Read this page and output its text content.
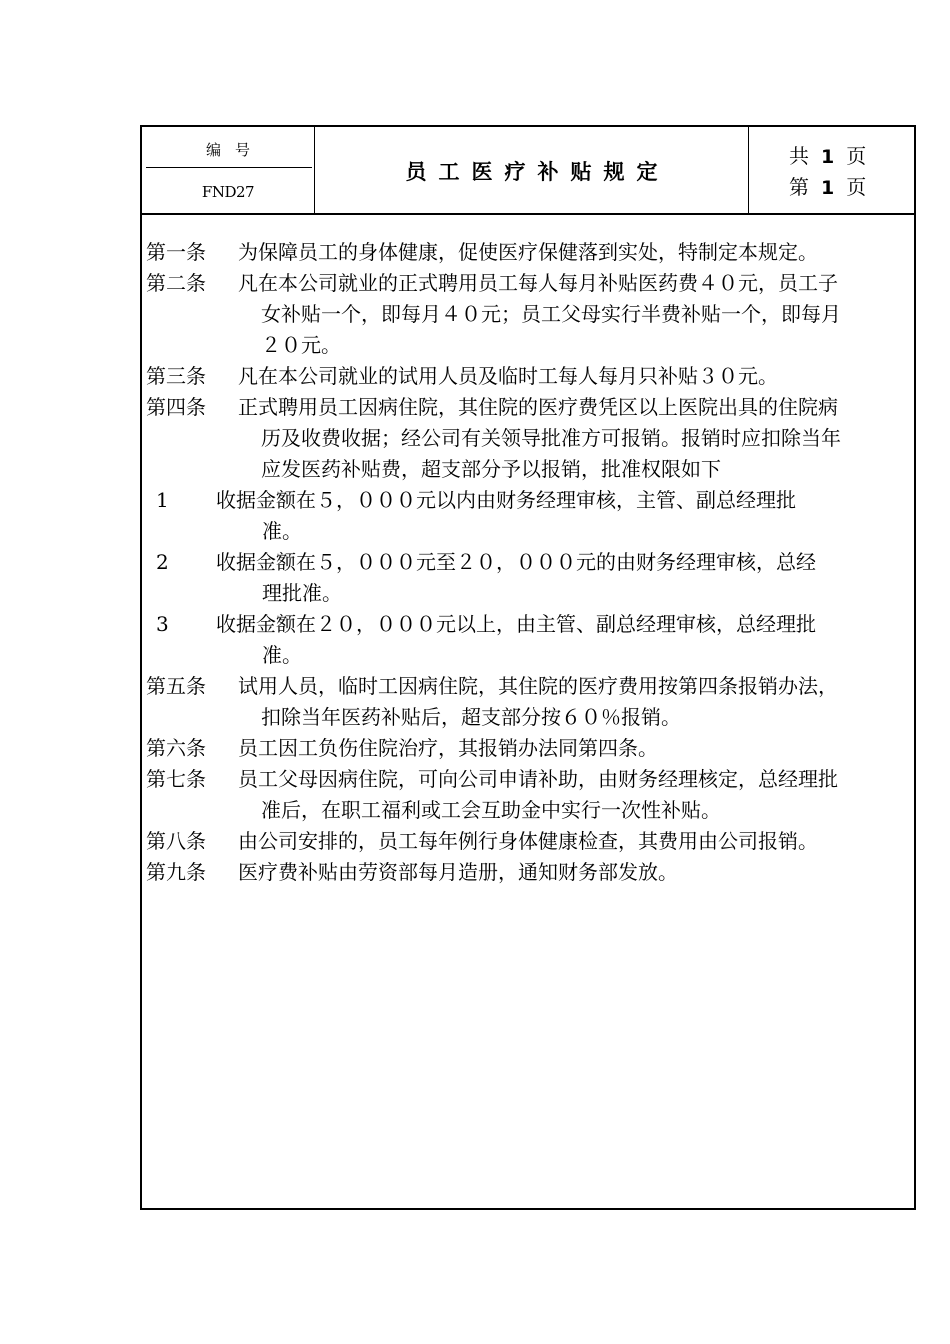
编号
FND27
员工医疗补贴规定
共 1 页
第 1 页
第一条 为保障员工的身体健康，促使医疗保健落到实处，特制定本规定。
第二条 凡在本公司就业的正式聘用员工每人每月补贴医药费４０元，员工子
女补贴一个，即每月４０元；员工父母实行半费补贴一个，即每月
２０元。
第三条 凡在本公司就业的试用人员及临时工每人每月只补贴３０元。
第四条 正式聘用员工因病住院，其住院的医疗费凭区以上医院出具的住院病
历及收费收据；经公司有关领导批准方可报销。报销时应扣除当年
应发医药补贴费，超支部分予以报销，批准权限如下
1 收据金额在５，０００元以内由财务经理审核，主管、副总经理批
准。
2 收据金额在５，０００元至２０，０００元的由财务经理审核，总经
理批准。
3 收据金额在２０，０００元以上，由主管、副总经理审核，总经理批
准。
第五条 试用人员，临时工因病住院，其住院的医疗费用按第四条报销办法，
扣除当年医药补贴后，超支部分按６０％报销。
第六条 员工因工负伤住院治疗，其报销办法同第四条。
第七条 员工父母因病住院，可向公司申请补助，由财务经理核定，总经理批
准后，在职工福利或工会互助金中实行一次性补贴。
第八条 由公司安排的，员工每年例行身体健康检查，其费用由公司报销。
第九条 医疗费补贴由劳资部每月造册，通知财务部发放。
